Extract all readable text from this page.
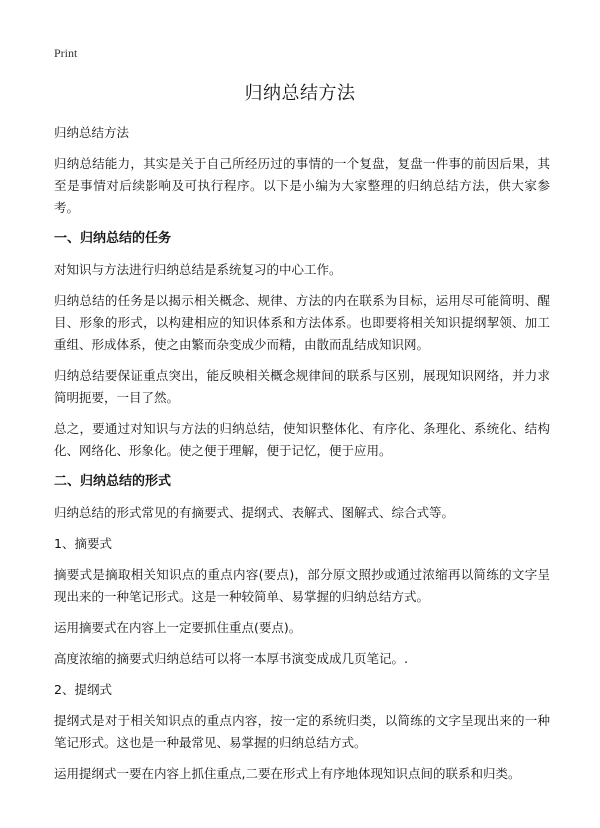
Print
归纳总结方法

归纳总结方法

归纳总结能力，其实是关于自己所经历过的事情的一个复盘，复盘一件事的前因后果，其至是事情对后续影响及可执行程序。以下是小编为大家整理的归纳总结方法，供大家参考。

一、归纳总结的任务

对知识与方法进行归纳总结是系统复习的中心工作。

归纳总结的任务是以揭示相关概念、规律、方法的内在联系为目标，运用尽可能简明、醒目、形象的形式，以构建相应的知识体系和方法体系。也即要将相关知识提纲挈领、加工重组、形成体系，使之由繁而杂变成少而精，由散而乱结成知识网。

归纳总结要保证重点突出，能反映相关概念规律间的联系与区别，展现知识网络，并力求简明扼要，一目了然。

总之，要通过对知识与方法的归纳总结，使知识整体化、有序化、条理化、系统化、结构化、网络化、形象化。使之便于理解，便于记忆，便于应用。

二、归纳总结的形式

归纳总结的形式常见的有摘要式、提纲式、表解式、图解式、综合式等。

1、摘要式

摘要式是摘取相关知识点的重点内容(要点)，部分原文照抄或通过浓缩再以简练的文字呈现出来的一种笔记形式。这是一种较简单、易掌握的归纳总结方式。

运用摘要式在内容上一定要抓住重点(要点)。

高度浓缩的摘要式归纳总结可以将一本厚书演变成成几页笔记。.

2、提纲式

提纲式是对于相关知识点的重点内容，按一定的系统归类，以简练的文字呈现出来的一种笔记形式。这也是一种最常见、易掌握的归纳总结方式。

运用提纲式一要在内容上抓住重点,二要在形式上有序地体现知识点间的联系和归类。
